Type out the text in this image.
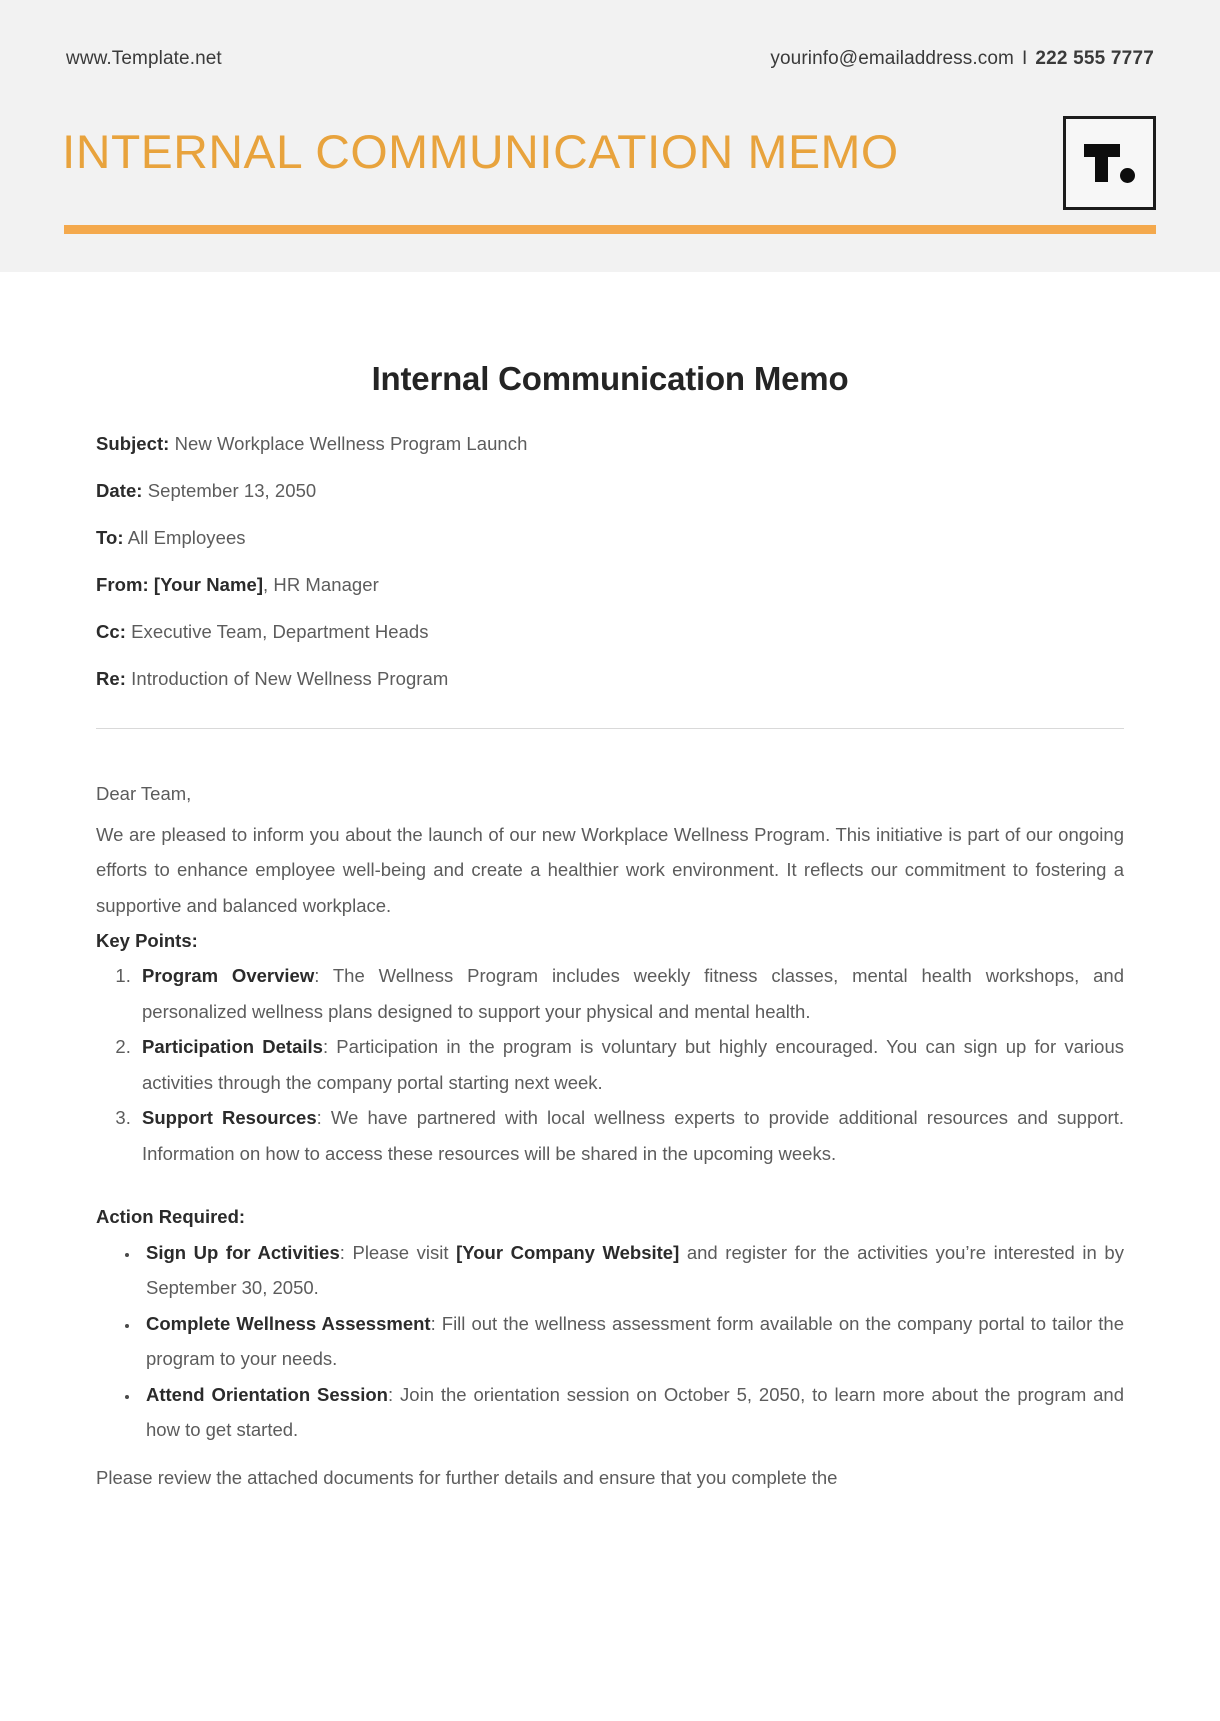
www.Template.net	yourinfo@emailaddress.com I 222 555 7777
INTERNAL COMMUNICATION MEMO
Internal Communication Memo
Subject: New Workplace Wellness Program Launch
Date: September 13, 2050
To: All Employees
From: [Your Name], HR Manager
Cc: Executive Team, Department Heads
Re: Introduction of New Wellness Program
Dear Team,
We are pleased to inform you about the launch of our new Workplace Wellness Program. This initiative is part of our ongoing efforts to enhance employee well-being and create a healthier work environment. It reflects our commitment to fostering a supportive and balanced workplace.
Key Points:
1. Program Overview: The Wellness Program includes weekly fitness classes, mental health workshops, and personalized wellness plans designed to support your physical and mental health.
2. Participation Details: Participation in the program is voluntary but highly encouraged. You can sign up for various activities through the company portal starting next week.
3. Support Resources: We have partnered with local wellness experts to provide additional resources and support. Information on how to access these resources will be shared in the upcoming weeks.
Action Required:
• Sign Up for Activities: Please visit [Your Company Website] and register for the activities you’re interested in by September 30, 2050.
• Complete Wellness Assessment: Fill out the wellness assessment form available on the company portal to tailor the program to your needs.
• Attend Orientation Session: Join the orientation session on October 5, 2050, to learn more about the program and how to get started.
Please review the attached documents for further details and ensure that you complete the
